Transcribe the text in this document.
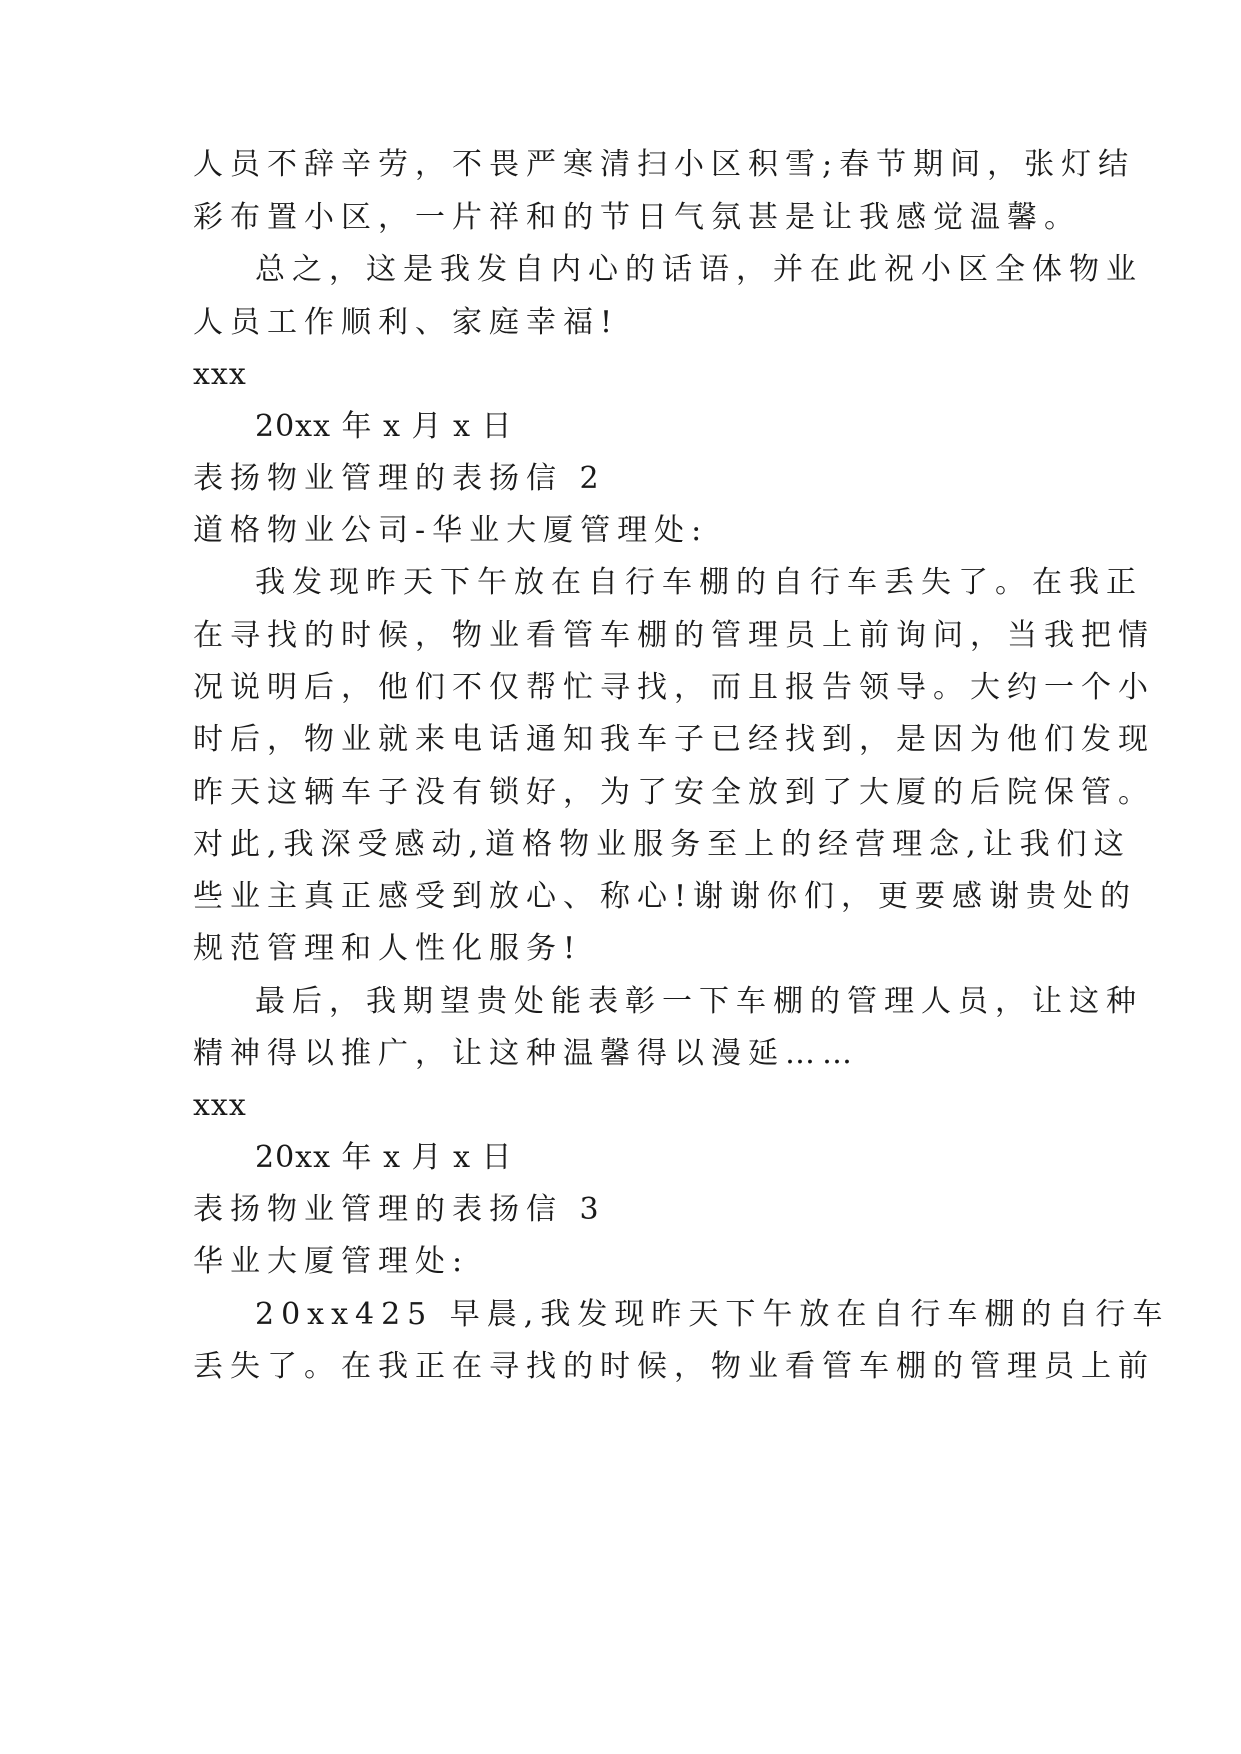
人员不辞辛劳，不畏严寒清扫小区积雪;春节期间，张灯结
彩布置小区，一片祥和的节日气氛甚是让我感觉温馨。
总之，这是我发自内心的话语，并在此祝小区全体物业
人员工作顺利、家庭幸福!
xxx
20xx 年 x 月 x 日
表扬物业管理的表扬信 2
道格物业公司-华业大厦管理处:
我发现昨天下午放在自行车棚的自行车丢失了。在我正
在寻找的时候，物业看管车棚的管理员上前询问，当我把情
况说明后，他们不仅帮忙寻找，而且报告领导。大约一个小
时后，物业就来电话通知我车子已经找到，是因为他们发现
昨天这辆车子没有锁好，为了安全放到了大厦的后院保管。
对此,我深受感动,道格物业服务至上的经营理念,让我们这
些业主真正感受到放心、称心!谢谢你们，更要感谢贵处的
规范管理和人性化服务!
最后，我期望贵处能表彰一下车棚的管理人员，让这种
精神得以推广，让这种温馨得以漫延……
xxx
20xx 年 x 月 x 日
表扬物业管理的表扬信 3
华业大厦管理处:
20xx425 早晨,我发现昨天下午放在自行车棚的自行车
丢失了。在我正在寻找的时候，物业看管车棚的管理员上前
